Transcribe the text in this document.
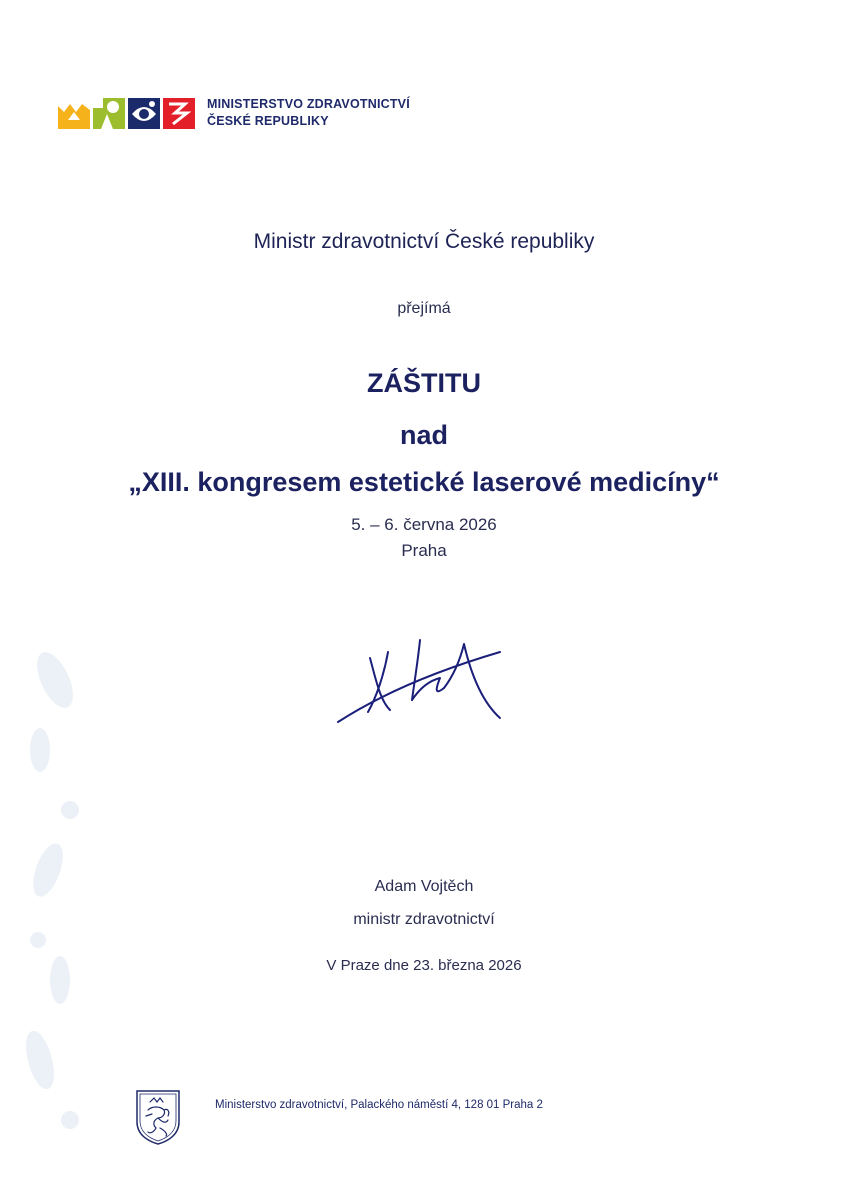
MINISTERSTVO ZDRAVOTNICTVÍ
ČESKÉ REPUBLIKY
Ministr zdravotnictví České republiky
přejímá
ZÁŠTITU
nad
„XIII. kongresem estetické laserové medicíny“
5. – 6. června 2026
Praha
Adam Vojtěch
ministr zdravotnictví
V Praze dne 23. března 2026
Ministerstvo zdravotnictví, Palackého náměstí 4, 128 01 Praha 2
